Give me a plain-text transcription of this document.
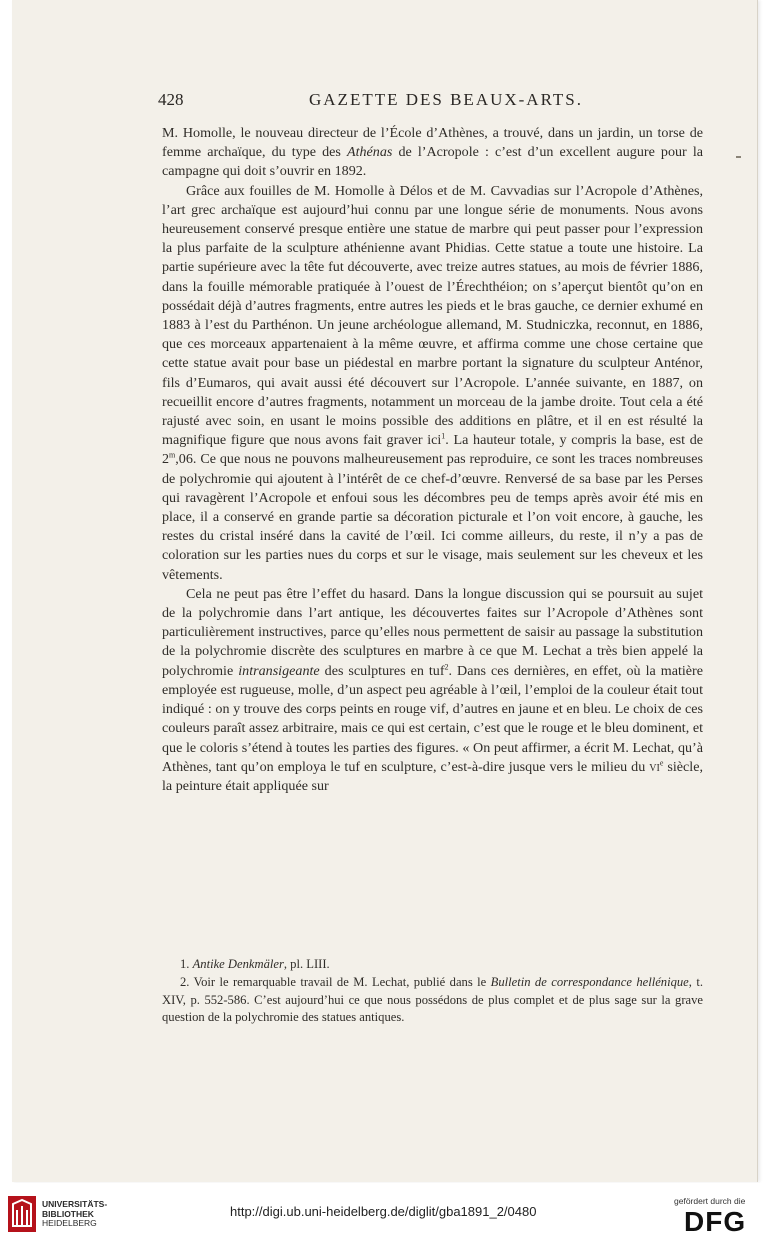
428	GAZETTE DES BEAUX-ARTS.

M. Homolle, le nouveau directeur de l’École d’Athènes, a trouvé, dans un jardin, un torse de femme archaïque, du type des Athénas de l’Acropole : c’est d’un excellent augure pour la campagne qui doit s’ouvrir en 1892.

Grâce aux fouilles de M. Homolle à Délos et de M. Cavvadias sur l’Acropole d’Athènes, l’art grec archaïque est aujourd’hui connu par une longue série de monuments. Nous avons heureusement conservé presque entière une statue de marbre qui peut passer pour l’expression la plus parfaite de la sculpture athénienne avant Phidias. Cette statue a toute une histoire. La partie supérieure avec la tête fut découverte, avec treize autres statues, au mois de février 1886, dans la fouille mémorable pratiquée à l’ouest de l’Érechthéion; on s’aperçut bientôt qu’on en possédait déjà d’autres fragments, entre autres les pieds et le bras gauche, ce dernier exhumé en 1883 à l’est du Parthénon. Un jeune archéologue allemand, M. Studniczka, reconnut, en 1886, que ces morceaux appartenaient à la même œuvre, et affirma comme une chose certaine que cette statue avait pour base un piédestal en marbre portant la signature du sculpteur Anténor, fils d’Eumaros, qui avait aussi été découvert sur l’Acropole. L’année suivante, en 1887, on recueillit encore d’autres fragments, notamment un morceau de la jambe droite. Tout cela a été rajusté avec soin, en usant le moins possible des additions en plâtre, et il en est résulté la magnifique figure que nous avons fait graver ici$^1$. La hauteur totale, y compris la base, est de 2$^m$,06. Ce que nous ne pouvons malheureusement pas reproduire, ce sont les traces nombreuses de polychromie qui ajoutent à l’intérêt de ce chef-d’œuvre. Renversé de sa base par les Perses qui ravagèrent l’Acropole et enfoui sous les décombres peu de temps après avoir été mis en place, il a conservé en grande partie sa décoration picturale et l’on voit encore, à gauche, les restes du cristal inséré dans la cavité de l’œil. Ici comme ailleurs, du reste, il n’y a pas de coloration sur les parties nues du corps et sur le visage, mais seulement sur les cheveux et les vêtements.

Cela ne peut pas être l’effet du hasard. Dans la longue discussion qui se poursuit au sujet de la polychromie dans l’art antique, les découvertes faites sur l’Acropole d’Athènes sont particulièrement instructives, parce qu’elles nous permettent de saisir au passage la substitution de la polychromie discrète des sculptures en marbre à ce que M. Lechat a très bien appelé la polychromie intransigeante des sculptures en tuf$^2$. Dans ces dernières, en effet, où la matière employée est rugueuse, molle, d’un aspect peu agréable à l’œil, l’emploi de la couleur était tout indiqué : on y trouve des corps peints en rouge vif, d’autres en jaune et en bleu. Le choix de ces couleurs paraît assez arbitraire, mais ce qui est certain, c’est que le rouge et le bleu dominent, et que le coloris s’étend à toutes les parties des figures. « On peut affirmer, a écrit M. Lechat, qu’à Athènes, tant qu’on employa le tuf en sculpture, c’est-à-dire jusque vers le milieu du $vi^e$ siècle, la peinture était appliquée sur

1. Antike Denkmäler, pl. LIII.

2. Voir le remarquable travail de M. Lechat, publié dans le Bulletin de correspondance hellénique, t. XIV, p. 552-586. C’est aujourd’hui ce que nous possédons de plus complet et de plus sage sur la grave question de la polychromie des statues antiques.

UNIVERSITÄTS-
BIBLIOTHEK
HEIDELBERG
http://digi.ub.uni-heidelberg.de/diglit/gba1891_2/0480
gefördert durch die
DFG
